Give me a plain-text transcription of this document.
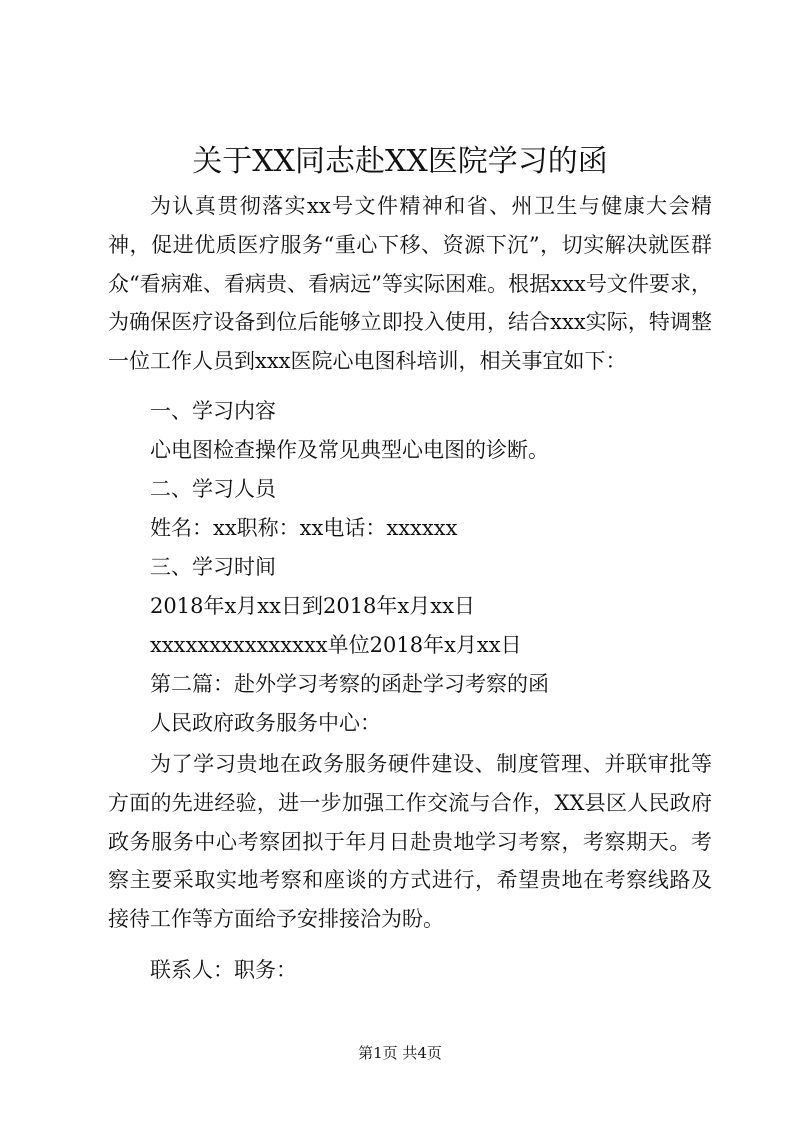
关于XX同志赴XX医院学习的函
为认真贯彻落实xx号文件精神和省、州卫生与健康大会精神，促进优质医疗服务“重心下移、资源下沉”，切实解决就医群众“看病难、看病贵、看病远”等实际困难。根据xxx号文件要求，为确保医疗设备到位后能够立即投入使用，结合xxx实际，特调整一位工作人员到xxx医院心电图科培训，相关事宜如下：
一、学习内容
心电图检查操作及常见典型心电图的诊断。
二、学习人员
姓名：xx职称：xx电话：xxxxxx
三、学习时间
2018年x月xx日到2018年x月xx日
xxxxxxxxxxxxxxx单位2018年x月xx日
第二篇：赴外学习考察的函赴学习考察的函
人民政府政务服务中心：
为了学习贵地在政务服务硬件建设、制度管理、并联审批等方面的先进经验，进一步加强工作交流与合作，XX县区人民政府政务服务中心考察团拟于年月日赴贵地学习考察，考察期天。考察主要采取实地考察和座谈的方式进行，希望贵地在考察线路及接待工作等方面给予安排接洽为盼。
联系人：职务：
第1页 共4页
